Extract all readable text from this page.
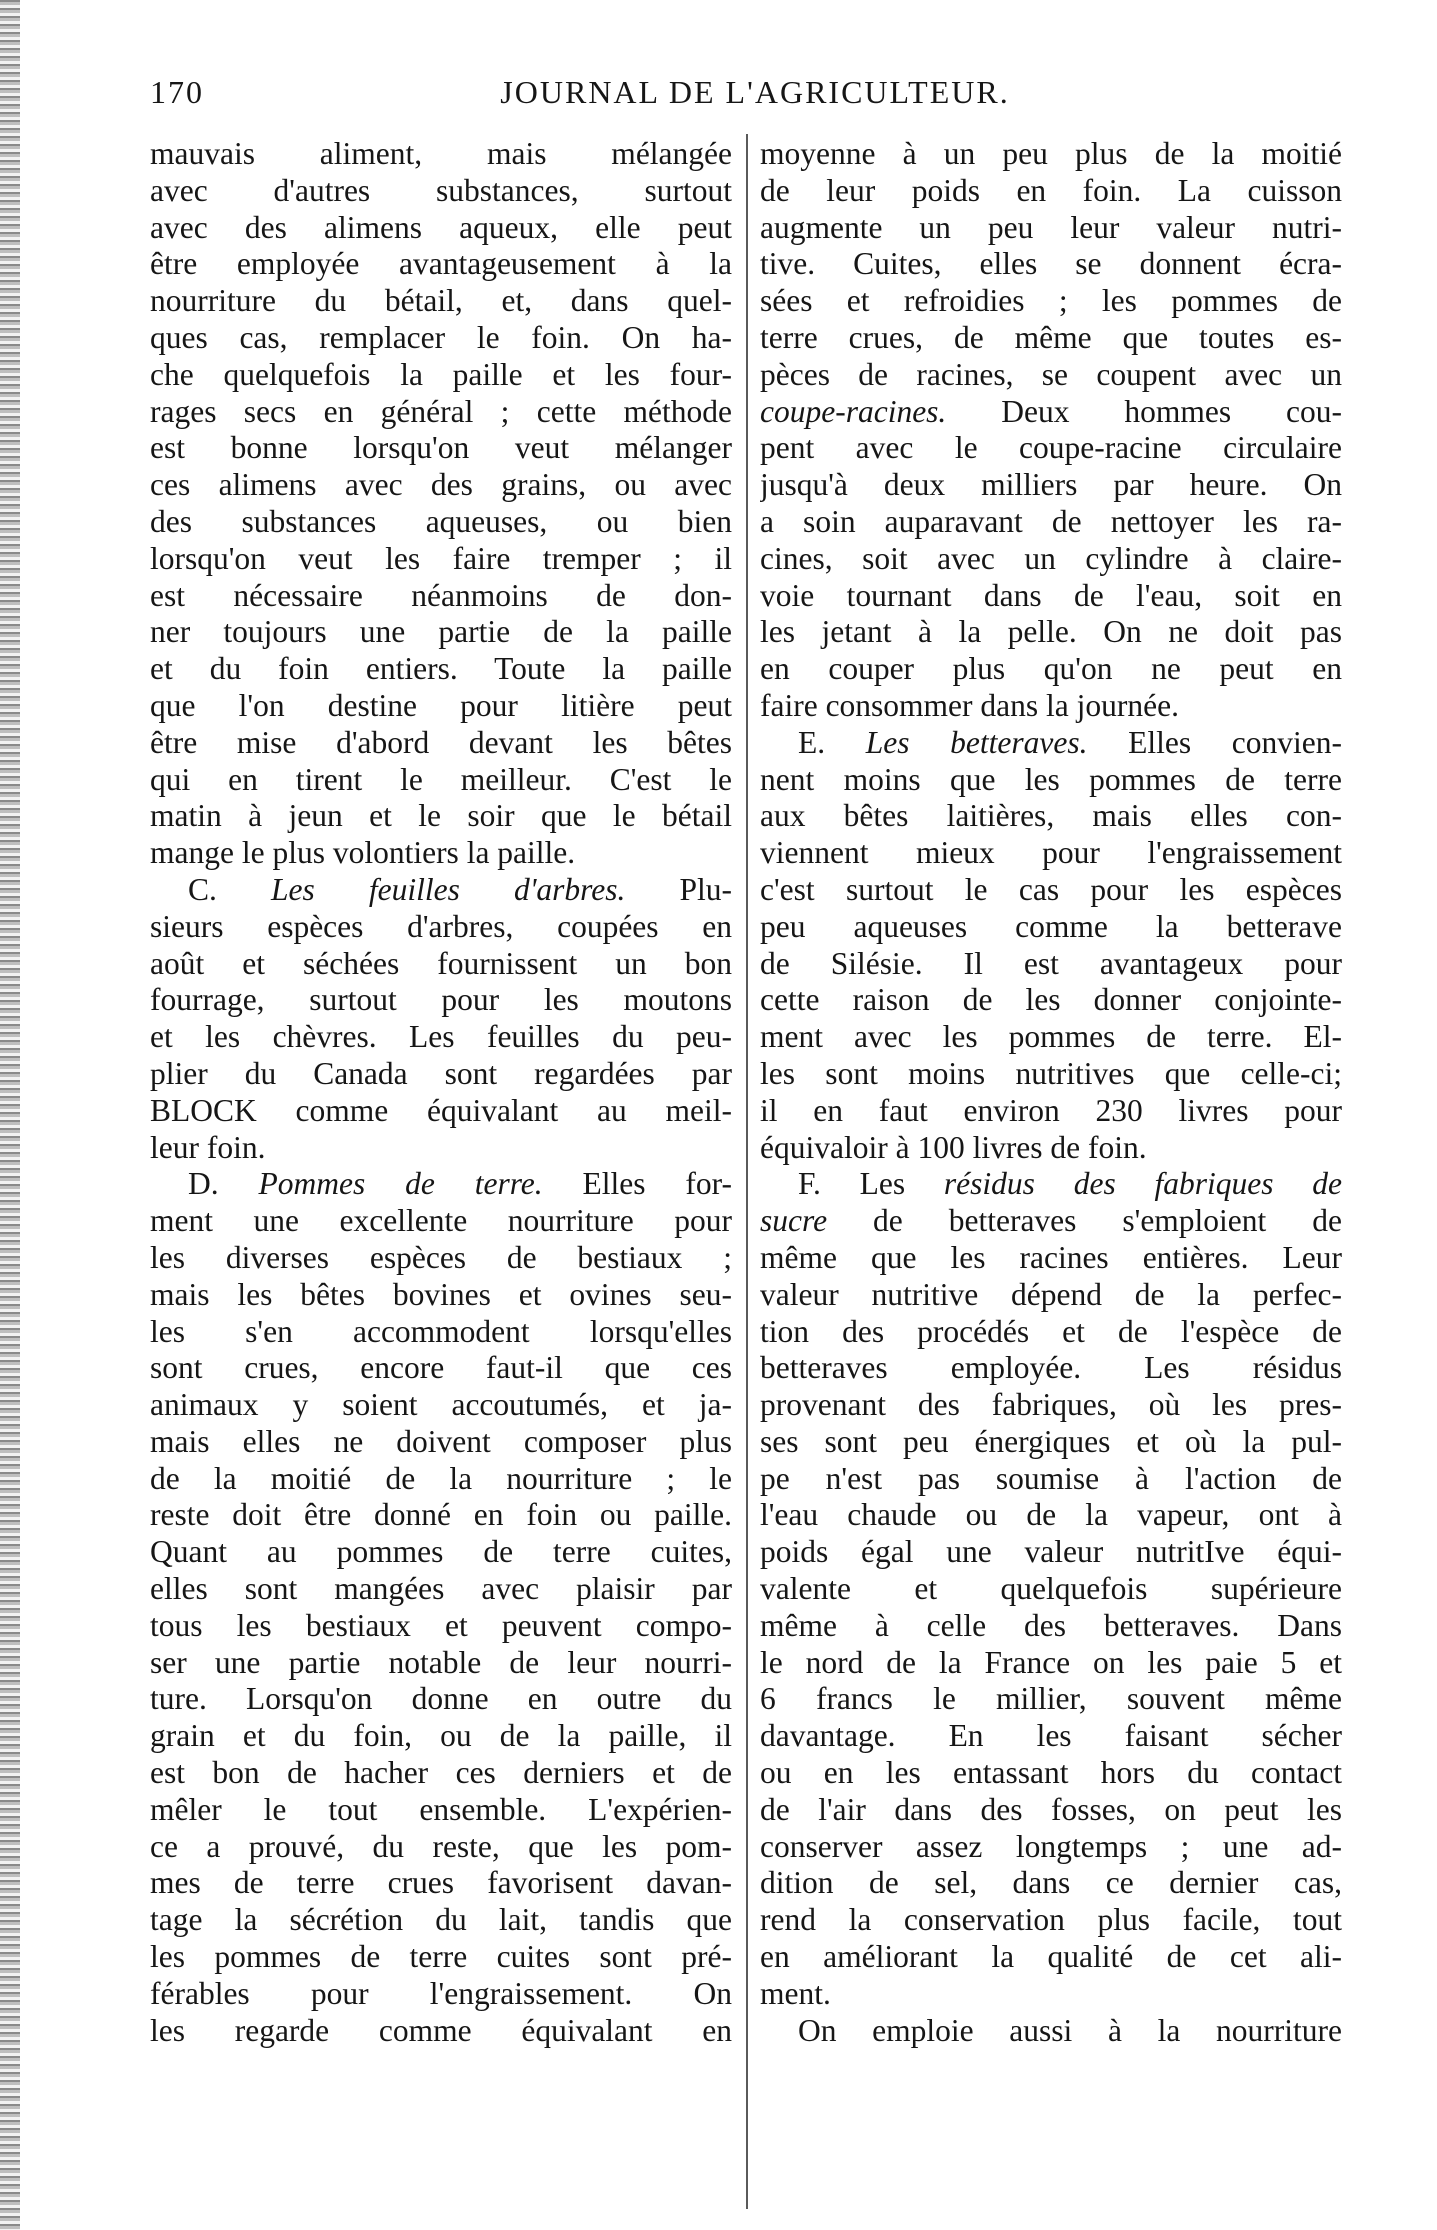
170	JOURNAL DE L'AGRICULTEUR.
mauvais aliment, mais mélangée
avec d'autres substances, surtout
avec des alimens aqueux, elle peut
être employée avantageusement à la
nourriture du bétail, et, dans quel-
ques cas, remplacer le foin. On ha-
che quelquefois la paille et les four-
rages secs en général ; cette méthode
est bonne lorsqu'on veut mélanger
ces alimens avec des grains, ou avec
des substances aqueuses, ou bien
lorsqu'on veut les faire tremper ; il
est nécessaire néanmoins de don-
ner toujours une partie de la paille
et du foin entiers. Toute la paille
que l'on destine pour litière peut
être mise d'abord devant les bêtes
qui en tirent le meilleur. C'est le
matin à jeun et le soir que le bétail
mange le plus volontiers la paille.
C. Les feuilles d'arbres. Plu-
sieurs espèces d'arbres, coupées en
août et séchées fournissent un bon
fourrage, surtout pour les moutons
et les chèvres. Les feuilles du peu-
plier du Canada sont regardées par
BLOCK comme équivalant au meil-
leur foin.
D. Pommes de terre. Elles for-
ment une excellente nourriture pour
les diverses espèces de bestiaux ;
mais les bêtes bovines et ovines seu-
les s'en accommodent lorsqu'elles
sont crues, encore faut-il que ces
animaux y soient accoutumés, et ja-
mais elles ne doivent composer plus
de la moitié de la nourriture ; le
reste doit être donné en foin ou paille.
Quant au pommes de terre cuites,
elles sont mangées avec plaisir par
tous les bestiaux et peuvent compo-
ser une partie notable de leur nourri-
ture. Lorsqu'on donne en outre du
grain et du foin, ou de la paille, il
est bon de hacher ces derniers et de
mêler le tout ensemble. L'expérien-
ce a prouvé, du reste, que les pom-
mes de terre crues favorisent davan-
tage la sécrétion du lait, tandis que
les pommes de terre cuites sont pré-
férables pour l'engraissement. On
les regarde comme équivalant en
moyenne à un peu plus de la moitié
de leur poids en foin. La cuisson
augmente un peu leur valeur nutri-
tive. Cuites, elles se donnent écra-
sées et refroidies ; les pommes de
terre crues, de même que toutes es-
pèces de racines, se coupent avec un
coupe-racines. Deux hommes cou-
pent avec le coupe-racine circulaire
jusqu'à deux milliers par heure. On
a soin auparavant de nettoyer les ra-
cines, soit avec un cylindre à claire-
voie tournant dans de l'eau, soit en
les jetant à la pelle. On ne doit pas
en couper plus qu'on ne peut en
faire consommer dans la journée.
E. Les betteraves. Elles convien-
nent moins que les pommes de terre
aux bêtes laitières, mais elles con-
viennent mieux pour l'engraissement
c'est surtout le cas pour les espèces
peu aqueuses comme la betterave
de Silésie. Il est avantageux pour
cette raison de les donner conjointe-
ment avec les pommes de terre. El-
les sont moins nutritives que celle-ci;
il en faut environ 230 livres pour
équivaloir à 100 livres de foin.
F. Les résidus des fabriques de
sucre de betteraves s'emploient de
même que les racines entières. Leur
valeur nutritive dépend de la perfec-
tion des procédés et de l'espèce de
betteraves employée. Les résidus
provenant des fabriques, où les pres-
ses sont peu énergiques et où la pul-
pe n'est pas soumise à l'action de
l'eau chaude ou de la vapeur, ont à
poids égal une valeur nutritIve équi-
valente et quelquefois supérieure
même à celle des betteraves. Dans
le nord de la France on les paie 5 et
6 francs le millier, souvent même
davantage. En les faisant sécher
ou en les entassant hors du contact
de l'air dans des fosses, on peut les
conserver assez longtemps ; une ad-
dition de sel, dans ce dernier cas,
rend la conservation plus facile, tout
en améliorant la qualité de cet ali-
ment.
On emploie aussi à la nourriture
